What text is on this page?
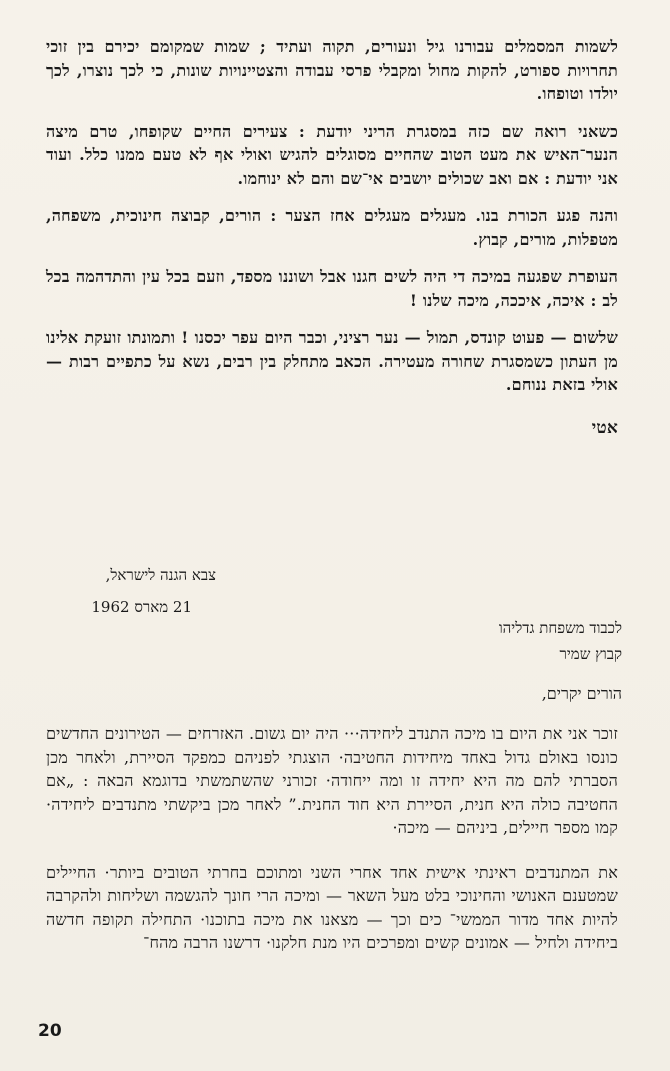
לשמות המסמלים עבורנו גיל ונעורים, תקוה ועתיד ; שמות שמקומם יכירם בין זוכי תחרויות ספורט, להקות מחול ומקבלי פרסי עבודה והצטיינויות שונות, כי לכך נוצרו, לכך יולדו וטופחו.

כשאני רואה שם כזה במסגרת הריני יודעת : צעירים החיים שקופחו, טרם מיצה הנער־האיש את מעט הטוב שהחיים מסוגלים להגיש ואולי אף לא טעם ממנו כלל. ועוד אני יודעת : אם ואב שכולים יושבים אי־שם והם לא ינוחמו.

והנה פגע הכורת בנו. מעגלים מעגלים אחז הצער : הורים, קבוצה חינוכית, משפחה, מטפלות, מורים, קבוץ.

העופרת שפגעה במיכה די היה לשים חגנו אבל ושוננו מספד, וזעם בכל עין והתדהמה בכל לב : איכה, איככה, מיכה שלנו !

שלשום — פעוט קונדס, תמול — נער רציני, וכבר היום עפר יכסנו ! ותמונתו זועקת אלינו מן העתון כשמסגרת שחורה מעטירה. הכאב מתחלק בין רבים, נשא על כתפיים רבות — אולי בזאת ננוחם.

אטי

צבא הגנה לישראל,
21 מארס 1962
לכבוד משפחת גדליהו
קבוץ שמיר
הורים יקרים,

זוכר אני את היום בו מיכה התנדב ליחידה··· היה יום גשום. האזרחים — הטירונים החדשים כונסו באולם גדול באחד מיחידות החטיבה· הוצגתי לפניהם כמפקד הסיירת, ולאחר מכן הסברתי להם מה היא יחידה זו ומה ייחודה· זכורני שהשתמשתי בדוגמא הבאה : „אם החטיבה כולה היא חנית, הסיירת היא חוד החנית.” לאחר מכן ביקשתי מתנדבים ליחידה· קמו מספר חיילים, ביניהם — מיכה·

את המתנדבים ראינתי אישית אחד אחרי השני ומתוכם בחרתי הטובים ביותר· החיילים שמטענם האנושי והחינוכי בלט מעל השאר — ומיכה הרי חונך להגשמה ושליחות ולהקרבה להיות אחד מדור הממשי־ כים וכך — מצאנו את מיכה בתוכנו· התחילה תקופה חדשה ביחידה ולחיל — אמונים קשים ומפרכים היו מנת חלקנו· דרשנו הרבה מהח־

20
